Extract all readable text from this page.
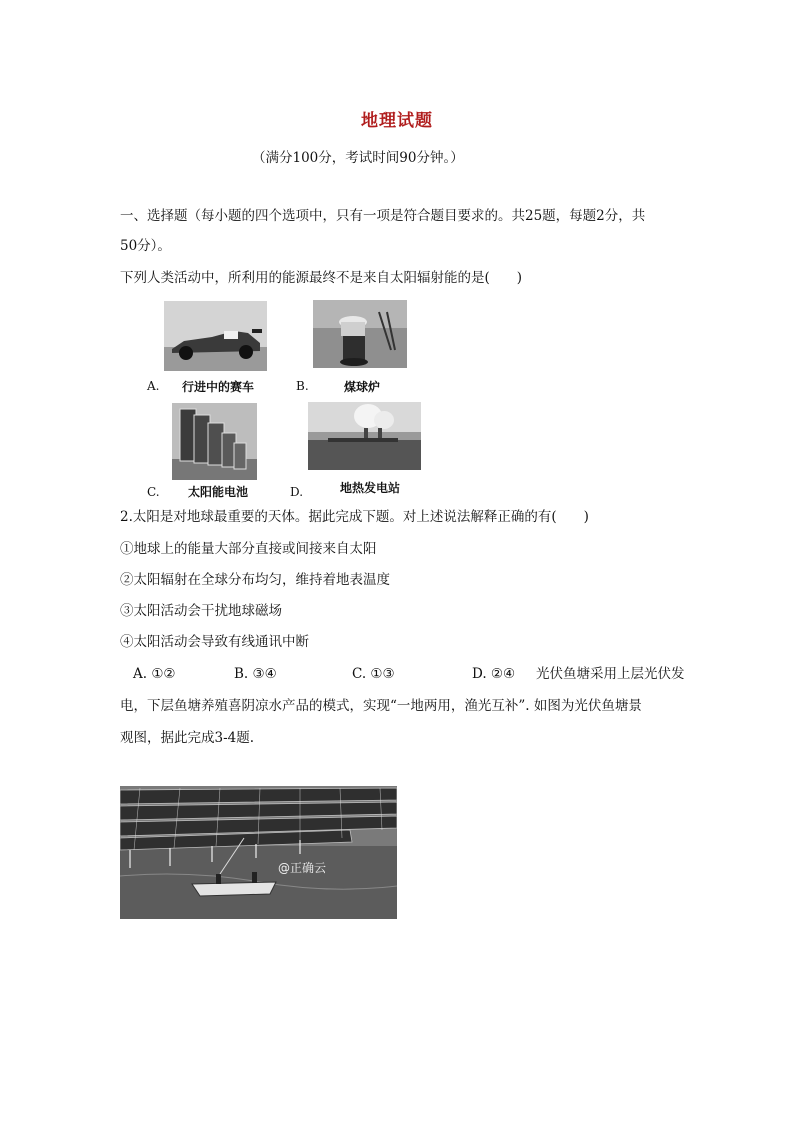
地理试题
（满分100分，考试时间90分钟。）
一、选择题（每小题的四个选项中，只有一项是符合题目要求的。共25题，每题2分，共
50分）。
下列人类活动中，所利用的能源最终不是来自太阳辐射能的是(　　)
A. 行进中的赛车	B.	煤球炉
C. 太阳能电池	D.	地热发电站
2.太阳是对地球最重要的天体。据此完成下题。对上述说法解释正确的有(　　)
①地球上的能量大部分直接或间接来自太阳
②太阳辐射在全球分布均匀，维持着地表温度
③太阳活动会干扰地球磁场
④太阳活动会导致有线通讯中断
A. ①②	B. ③④	C. ①③	D. ②④ 光伏鱼塘采用上层光伏发
电，下层鱼塘养殖喜阴凉水产品的模式，实现“一地两用，渔光互补”. 如图为光伏鱼塘景
观图，据此完成3-4题.
@正确云
